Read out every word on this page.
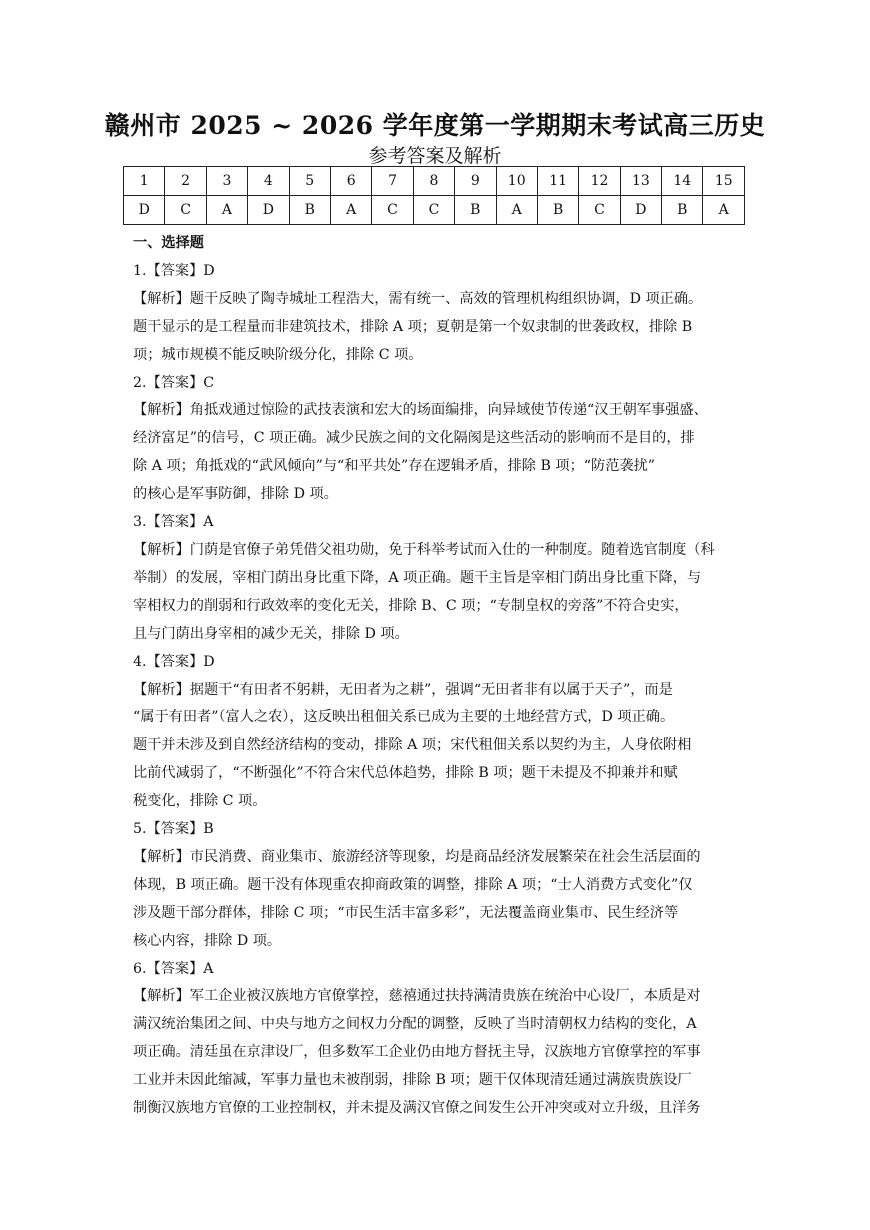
赣州市 2025 ~ 2026 学年度第一学期期末考试高三历史
参考答案及解析
1	2	3	4	5	6	7	8	9	10	11	12	13	14	15
D	C	A	D	B	A	C	C	B	A	B	C	D	B	A

一、选择题

1.【答案】D

【解析】题干反映了陶寺城址工程浩大，需有统一、高效的管理机构组织协调，D 项正确。

题干显示的是工程量而非建筑技术，排除 A 项；夏朝是第一个奴隶制的世袭政权，排除 B

项；城市规模不能反映阶级分化，排除 C 项。

2.【答案】C

【解析】角抵戏通过惊险的武技表演和宏大的场面编排，向异域使节传递“汉王朝军事强盛、

经济富足”的信号，C 项正确。减少民族之间的文化隔阂是这些活动的影响而不是目的，排

除 A 项；角抵戏的“武风倾向”与“和平共处”存在逻辑矛盾，排除 B 项；“防范袭扰”

的核心是军事防御，排除 D 项。

3.【答案】A

【解析】门荫是官僚子弟凭借父祖功勋，免于科举考试而入仕的一种制度。随着选官制度（科

举制）的发展，宰相门荫出身比重下降，A 项正确。题干主旨是宰相门荫出身比重下降，与

宰相权力的削弱和行政效率的变化无关，排除 B、C 项；“专制皇权的旁落”不符合史实，

且与门荫出身宰相的减少无关，排除 D 项。

4.【答案】D

【解析】据题干“有田者不躬耕，无田者为之耕”，强调“无田者非有以属于天子”，而是

“属于有田者”（富人之农），这反映出租佃关系已成为主要的土地经营方式，D 项正确。

题干并未涉及到自然经济结构的变动，排除 A 项；宋代租佃关系以契约为主，人身依附相

比前代减弱了，“不断强化”不符合宋代总体趋势，排除 B 项；题干未提及不抑兼并和赋

税变化，排除 C 项。

5.【答案】B

【解析】市民消费、商业集市、旅游经济等现象，均是商品经济发展繁荣在社会生活层面的

体现，B 项正确。题干没有体现重农抑商政策的调整，排除 A 项；“士人消费方式变化”仅

涉及题干部分群体，排除 C 项；“市民生活丰富多彩”，无法覆盖商业集市、民生经济等

核心内容，排除 D 项。

6.【答案】A

【解析】军工企业被汉族地方官僚掌控，慈禧通过扶持满清贵族在统治中心设厂，本质是对

满汉统治集团之间、中央与地方之间权力分配的调整，反映了当时清朝权力结构的变化，A

项正确。清廷虽在京津设厂，但多数军工企业仍由地方督抚主导，汉族地方官僚掌控的军事

工业并未因此缩减，军事力量也未被削弱，排除 B 项；题干仅体现清廷通过满族贵族设厂

制衡汉族地方官僚的工业控制权，并未提及满汉官僚之间发生公开冲突或对立升级，且洋务
